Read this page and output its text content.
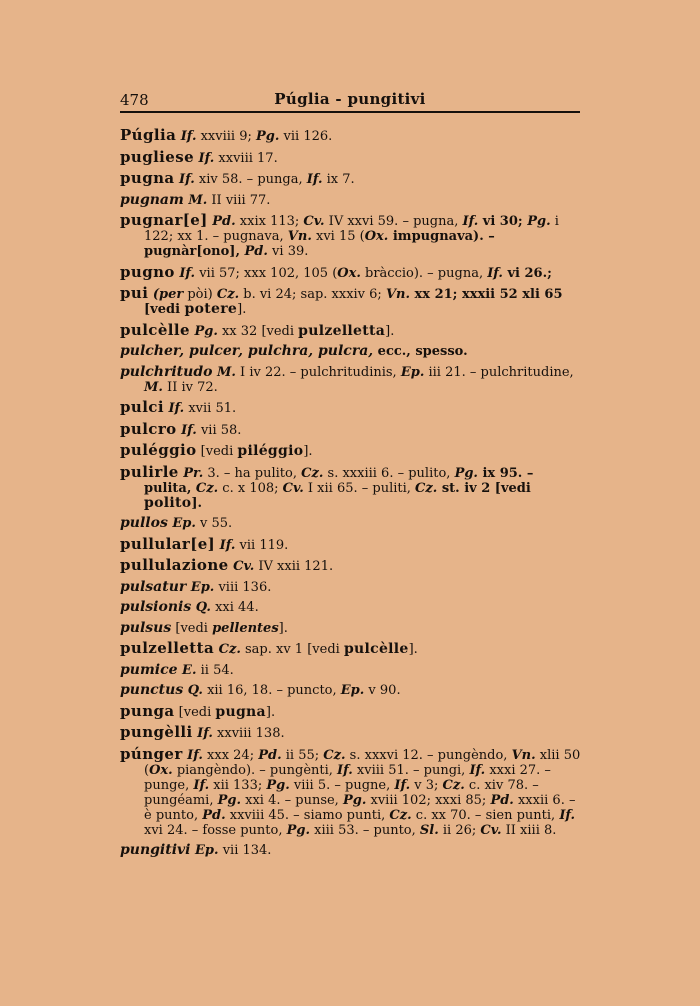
478	Púglia - pungitivi
Púglia If. xxviii 9; Pg. vii 126.
pugliese If. xxviii 17.
pugna If. xiv 58. – punga, If. ix 7.
pugnam M. II viii 77.
pugnar[e] Pd. xxix 113; Cv. IV xxvi 59. – pugna, If. vi 30; Pg. i 122; xx 1. – pugnava, Vn. xvi 15 (Ox. impugnava). – pugnàr[ono], Pd. vi 39.
pugno If. vii 57; xxx 102, 105 (Ox. bràccio). – pugna, If. vi 26.;
pui (per pòi) Cz. b. vi 24; sap. xxxiv 6; Vn. xx 21; xxxii 52 xli 65 [vedi potere].
pulcèlle Pg. xx 32 [vedi pulzelletta].
pulcher, pulcer, pulchra, pulcra, ecc., spesso.
pulchritudo M. I iv 22. – pulchritudinis, Ep. iii 21. – pulchritudine, M. II iv 72.
pulci If. xvii 51.
pulcro If. vii 58.
puléggio [vedi piléggio].
pulirle Pr. 3. – ha pulito, Cz. s. xxxiii 6. – pulito, Pg. ix 95. – pulita, Cz. c. x 108; Cv. I xii 65. – puliti, Cz. st. iv 2 [vedi polito].
pullos Ep. v 55.
pullular[e] If. vii 119.
pullulazione Cv. IV xxii 121.
pulsatur Ep. viii 136.
pulsionis Q. xxi 44.
pulsus [vedi pellentes].
pulzelletta Cz. sap. xv 1 [vedi pulcèlle].
pumice E. ii 54.
punctus Q. xii 16, 18. – puncto, Ep. v 90.
punga [vedi pugna].
pungèlli If. xxviii 138.
púnger If. xxx 24; Pd. ii 55; Cz. s. xxxvi 12. – pungèndo, Vn. xlii 50 (Ox. piangèndo). – pungènti, If. xviii 51. – pungi, If. xxxi 27. – punge, If. xii 133; Pg. viii 5. – pugne, If. v 3; Cz. c. xiv 78. – pungéami, Pg. xxi 4. – punse, Pg. xviii 102; xxxi 85; Pd. xxxii 6. – è punto, Pd. xxviii 45. – siamo punti, Cz. c. xx 70. – sien punti, If. xvi 24. – fosse punto, Pg. xiii 53. – punto, Sl. ii 26; Cv. II xiii 8.
pungitivi Ep. vii 134.
